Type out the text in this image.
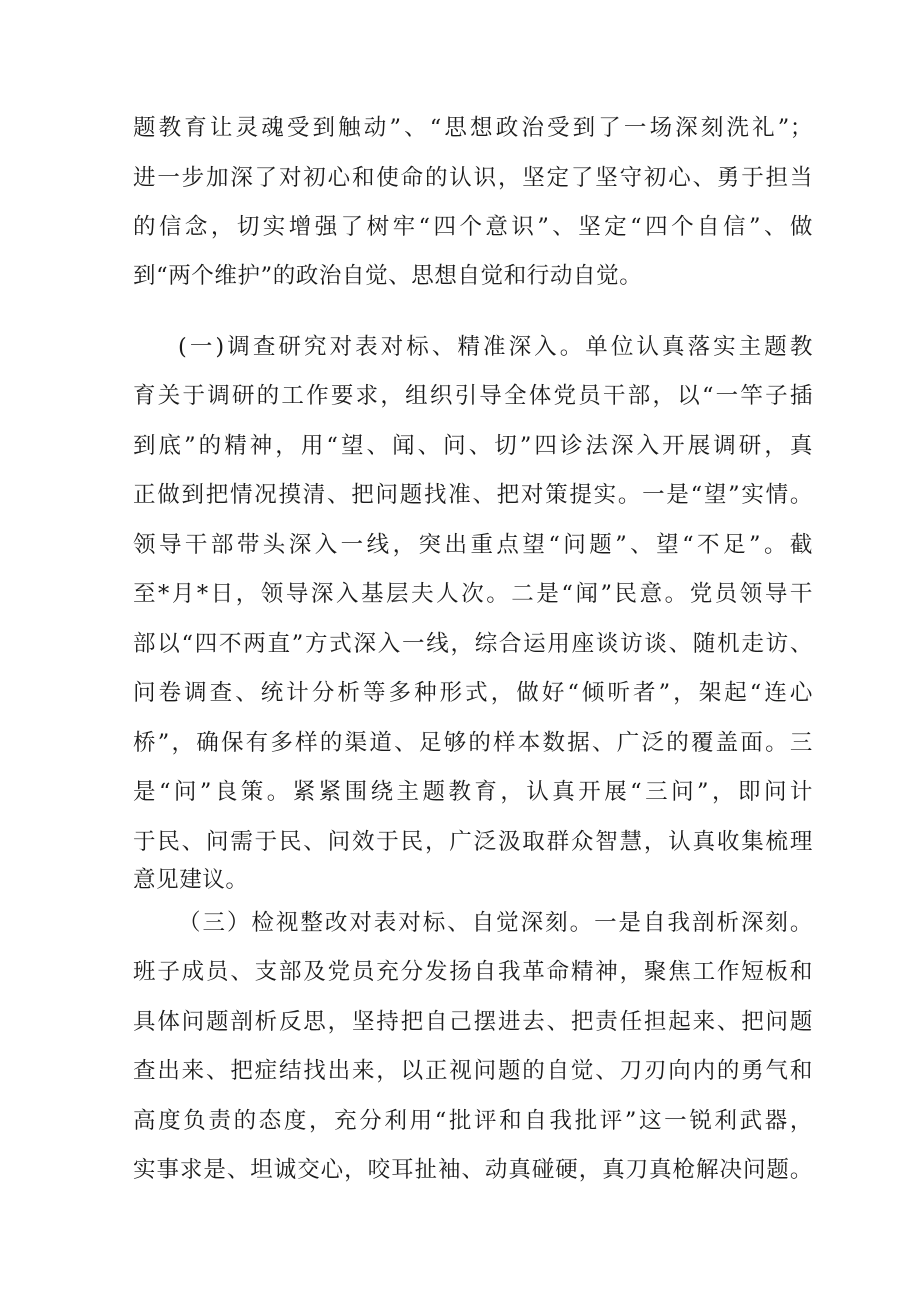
题教育让灵魂受到触动”、“思想政治受到了一场深刻洗礼”；
进一步加深了对初心和使命的认识，坚定了坚守初心、勇于担当
的信念，切实增强了树牢“四个意识”、坚定“四个自信”、做
到“两个维护”的政治自觉、思想自觉和行动自觉。
(一)调查研究对表对标、精准深入。单位认真落实主题教
育关于调研的工作要求，组织引导全体党员干部，以“一竿子插
到底”的精神，用“望、闻、问、切”四诊法深入开展调研，真
正做到把情况摸清、把问题找准、把对策提实。一是“望”实情。
领导干部带头深入一线，突出重点望“问题”、望“不足”。截
至*月*日，领导深入基层夫人次。二是“闻”民意。党员领导干
部以“四不两直”方式深入一线，综合运用座谈访谈、随机走访、
问卷调查、统计分析等多种形式，做好“倾听者”，架起“连心
桥”，确保有多样的渠道、足够的样本数据、广泛的覆盖面。三
是“问”良策。紧紧围绕主题教育，认真开展“三问”，即问计
于民、问需于民、问效于民，广泛汲取群众智慧，认真收集梳理
意见建议。
（三）检视整改对表对标、自觉深刻。一是自我剖析深刻。
班子成员、支部及党员充分发扬自我革命精神，聚焦工作短板和
具体问题剖析反思，坚持把自己摆进去、把责任担起来、把问题
查出来、把症结找出来，以正视问题的自觉、刀刃向内的勇气和
高度负责的态度，充分利用“批评和自我批评”这一锐利武器，
实事求是、坦诚交心，咬耳扯袖、动真碰硬，真刀真枪解决问题。
